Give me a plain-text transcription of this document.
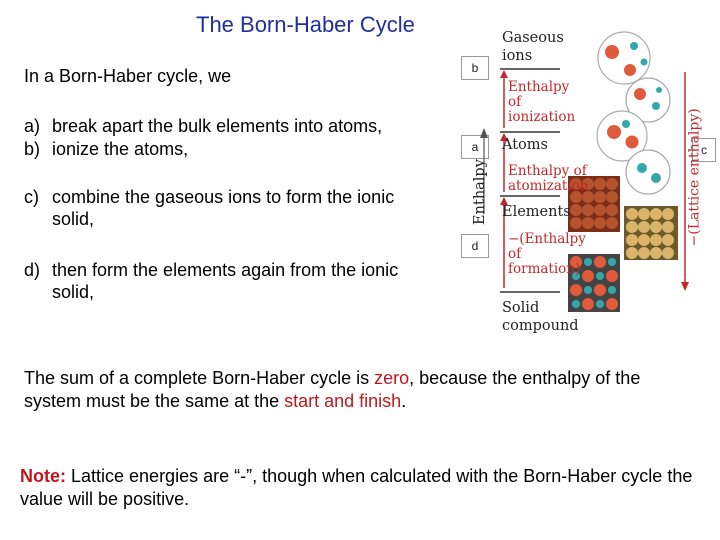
The Born-Haber Cycle
In a Born-Haber cycle, we
a) break apart the bulk elements into atoms,
b) ionize the atoms,
c) combine the gaseous ions to form the ionic solid,
d) then form the elements again from the ionic solid,
b
a
d
c
Gaseous
ions
Enthalpy
of
ionization
Atoms
Enthalpy of
atomization
Elements
−(Enthalpy
of
formation)
Solid
compound
Enthalpy	−(Lattice enthalpy)
The sum of a complete Born-Haber cycle is zero, because the enthalpy of the system must be the same at the start and finish.
Note: Lattice energies are “-”, though when calculated with the Born-Haber cycle the value will be positive.
